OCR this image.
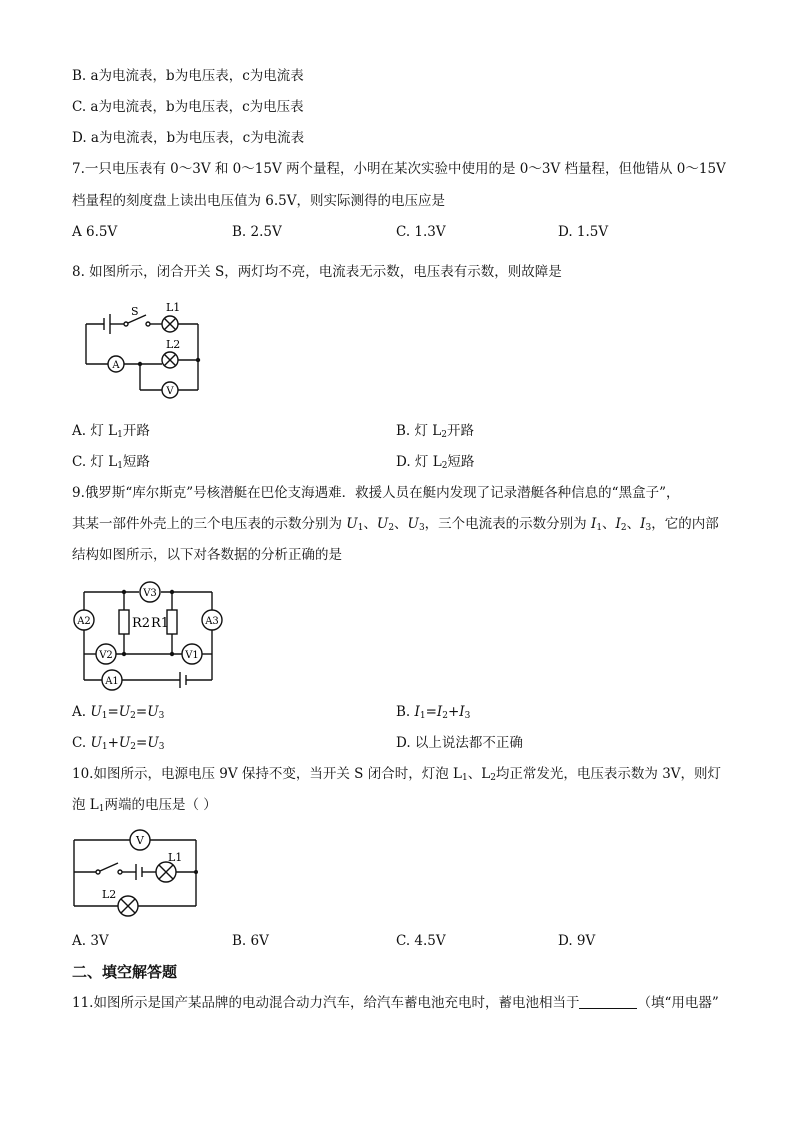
B. a为电流表，b为电压表，c为电流表
C. a为电流表，b为电压表，c为电压表
D. a为电流表，b为电压表，c为电流表
7.一只电压表有 0～3V 和 0～15V 两个量程，小明在某次实验中使用的是 0～3V 档量程，但他错从 0～15V
档量程的刻度盘上读出电压值为 6.5V，则实际测得的电压应是
A 6.5V	B. 2.5V	C. 1.3V	D. 1.5V
8. 如图所示，闭合开关 S，两灯均不亮，电流表无示数，电压表有示数，则故障是
S L1
L2
A
V
A. 灯 $L_1$开路	B. 灯 $L_2$开路
C. 灯 $L_1$短路	D. 灯 $L_2$短路
9.俄罗斯“库尔斯克”号核潜艇在巴伦支海遇难．救援人员在艇内发现了记录潜艇各种信息的“黑盒子”，
其某一部件外壳上的三个电压表的示数分别为 $U_1$、$U_2$、$U_3$，三个电流表的示数分别为 $I_1$、$I_2$、$I_3$，它的内部
结构如图所示，以下对各数据的分析正确的是
V3
A2	A3
V2	V1
A1
R2 R1
A. $U_1=U_2=U_3$	B. $I_1=I_2+I_3$
C. $U_1+U_2=U_3$	D. 以上说法都不正确
10.如图所示，电源电压 9V 保持不变，当开关 S 闭合时，灯泡 $L_1$、$L_2$均正常发光，电压表示数为 3V，则灯
泡 $L_1$两端的电压是（ ）
V
L1
L2
A. 3V	B. 6V	C. 4.5V	D. 9V
二、填空解答题
11.如图所示是国产某品牌的电动混合动力汽车，给汽车蓄电池充电时，蓄电池相当于	（填“用电器”
